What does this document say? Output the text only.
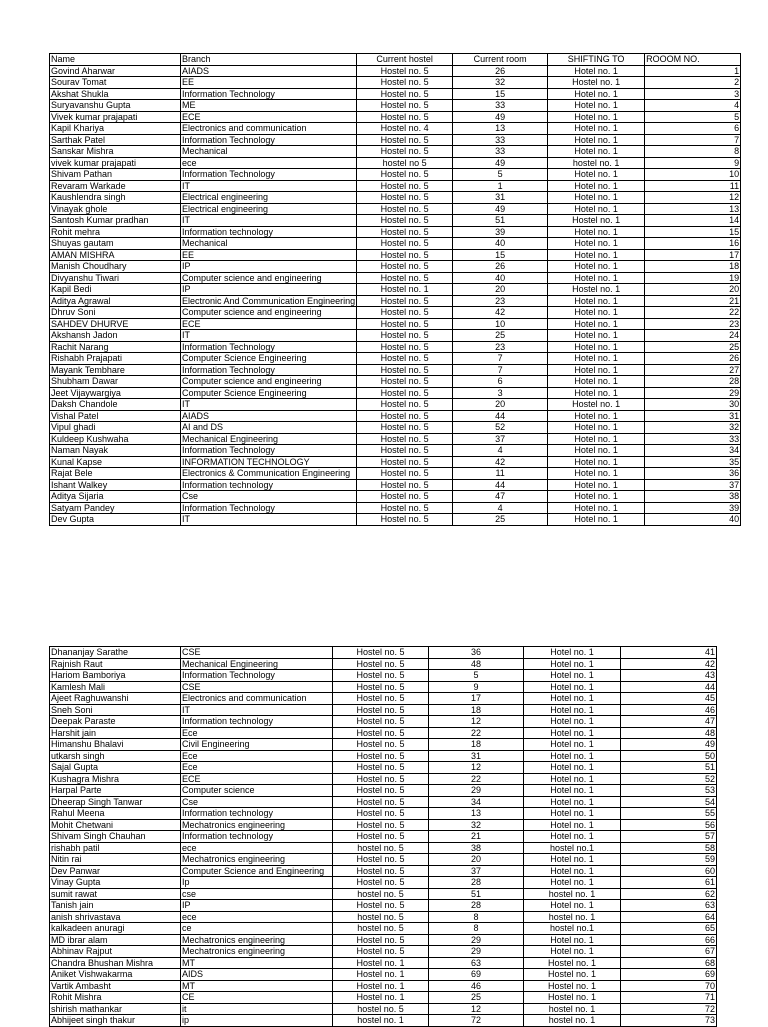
Name	Branch	Current hostel	Current room	SHIFTING TO	ROOOM NO.
Govind Aharwar	AIADS	Hostel no. 5	26	Hotel no. 1	1
Sourav Tomat	EE	Hostel no. 5	32	Hostel no. 1	2
Akshat Shukla	Information Technology	Hostel no. 5	15	Hotel no. 1	3
Suryavanshu Gupta	ME	Hostel no. 5	33	Hotel no. 1	4
Vivek kumar prajapati	ECE	Hostel no. 5	49	Hotel no. 1	5
Kapil Khariya	Electronics and communication	Hostel no. 4	13	Hotel no. 1	6
Sarthak Patel	Information Technology	Hostel no. 5	33	Hotel no. 1	7
Sanskar Mishra	Mechanical	Hostel no. 5	33	Hotel no. 1	8
vivek kumar prajapati	ece	hostel no 5	49	hostel no. 1	9
Shivam Pathan	Information Technology	Hostel no. 5	5	Hotel no. 1	10
Revaram Warkade	IT	Hostel no. 5	1	Hotel no. 1	11
Kaushlendra singh	Electrical engineering	Hostel no. 5	31	Hotel no. 1	12
Vinayak ghole	Electrical engineering	Hostel no. 5	49	Hotel no. 1	13
Santosh Kumar pradhan	IT	Hostel no. 5	51	Hostel no. 1	14
Rohit mehra	Information technology	Hostel no. 5	39	Hotel no. 1	15
Shuyas gautam	Mechanical	Hostel no. 5	40	Hotel no. 1	16
AMAN MISHRA	EE	Hostel no. 5	15	Hotel no. 1	17
Manish Choudhary	IP	Hostel no. 5	26	Hotel no. 1	18
Divyanshu Tiwari	Computer science and engineering	Hostel no. 5	40	Hotel no. 1	19
Kapil Bedi	IP	Hostel no. 1	20	Hostel no. 1	20
Aditya Agrawal	Electronic And Communication Engineering	Hostel no. 5	23	Hotel no. 1	21
Dhruv Soni	Computer science and engineering	Hostel no. 5	42	Hotel no. 1	22
SAHDEV DHURVE	ECE	Hostel no. 5	10	Hotel no. 1	23
Akshansh Jadon	IT	Hostel no. 5	25	Hotel no. 1	24
Rachit Narang	Information Technology	Hostel no. 5	23	Hotel no. 1	25
Rishabh Prajapati	Computer Science Engineering	Hostel no. 5	7	Hotel no. 1	26
Mayank Tembhare	Information Technology	Hostel no. 5	7	Hotel no. 1	27
Shubham Dawar	Computer science and engineering	Hostel no. 5	6	Hotel no. 1	28
Jeet Vijaywargiya	Computer Science Engineering	Hostel no. 5	3	Hotel no. 1	29
Daksh Chandole	IT	Hostel no. 5	20	Hostel no. 1	30
Vishal Patel	AIADS	Hostel no. 5	44	Hotel no. 1	31
Vipul ghadi	AI and DS	Hostel no. 5	52	Hotel no. 1	32
Kuldeep Kushwaha	Mechanical Engineering	Hostel no. 5	37	Hotel no. 1	33
Naman Nayak	Information Technology	Hostel no. 5	4	Hotel no. 1	34
Kunal Kapse	INFORMATION TECHNOLOGY	Hostel no. 5	42	Hotel no. 1	35
Rajat Bele	Electronics & Communication Engineering	Hostel no. 5	11	Hotel no. 1	36
Ishant Walkey	Information technology	Hostel no. 5	44	Hotel no. 1	37
Aditya Sijaria	Cse	Hostel no. 5	47	Hotel no. 1	38
Satyam Pandey	Information Technology	Hostel no. 5	4	Hotel no. 1	39
Dev Gupta	IT	Hostel no. 5	25	Hotel no. 1	40
Dhananjay Sarathe	CSE	Hostel no. 5	36	Hotel no. 1	41
Rajnish Raut	Mechanical Engineering	Hostel no. 5	48	Hotel no. 1	42
Hariom Bamboriya	Information Technology	Hostel no. 5	5	Hotel no. 1	43
Kamlesh Mali	CSE	Hostel no. 5	9	Hotel no. 1	44
Ajeet Raghuwanshi	Electronics and communication	Hostel no. 5	17	Hotel no. 1	45
Sneh Soni	IT	Hostel no. 5	18	Hotel no. 1	46
Deepak Paraste	Information technology	Hostel no. 5	12	Hotel no. 1	47
Harshit jain	Ece	Hostel no. 5	22	Hotel no. 1	48
Himanshu Bhalavi	Civil Engineering	Hostel no. 5	18	Hotel no. 1	49
utkarsh singh	Ece	Hostel no. 5	31	Hotel no. 1	50
Sajal Gupta	Ece	Hostel no. 5	12	Hotel no. 1	51
Kushagra Mishra	ECE	Hostel no. 5	22	Hotel no. 1	52
Harpal Parte	Computer science	Hostel no. 5	29	Hotel no. 1	53
Dheerap Singh Tanwar	Cse	Hostel no. 5	34	Hotel no. 1	54
Rahul Meena	Information technology	Hostel no. 5	13	Hotel no. 1	55
Mohit Chetwani	Mechatronics engineering	Hostel no. 5	32	Hotel no. 1	56
Shivam Singh Chauhan	Information technology	Hostel no. 5	21	Hotel no. 1	57
rishabh patil	ece	hostel no. 5	38	hostel no.1	58
Nitin rai	Mechatronics engineering	Hostel no. 5	20	Hotel no. 1	59
Dev Panwar	Computer Science and Engineering	Hostel no. 5	37	Hotel no. 1	60
Vinay Gupta	Ip	Hostel no. 5	28	Hotel no. 1	61
sumit rawat	cse	hostel no. 5	51	hostel no. 1	62
Tanish jain	IP	Hostel no. 5	28	Hotel no. 1	63
anish shrivastava	ece	hostel no. 5	8	hostel no. 1	64
kalkadeen anuragi	ce	hostel no. 5	8	hostel no.1	65
MD ibrar alam	Mechatronics engineering	Hostel no. 5	29	Hotel no. 1	66
Abhinav Rajput	Mechatronics engineering	Hostel no. 5	29	Hotel no. 1	67
Chandra Bhushan Mishra	MT	Hostel no. 1	63	Hostel no. 1	68
Aniket Vishwakarma	AIDS	Hostel no. 1	69	Hostel no. 1	69
Vartik Ambasht	MT	Hostel no. 1	46	Hostel no. 1	70
Rohit Mishra	CE	Hostel no. 1	25	Hostel no. 1	71
shirish mathankar	it	hostel no. 5	12	hostel no. 1	72
Abhijeet singh thakur	ip	hostel no. 1	72	hostel no. 1	73
